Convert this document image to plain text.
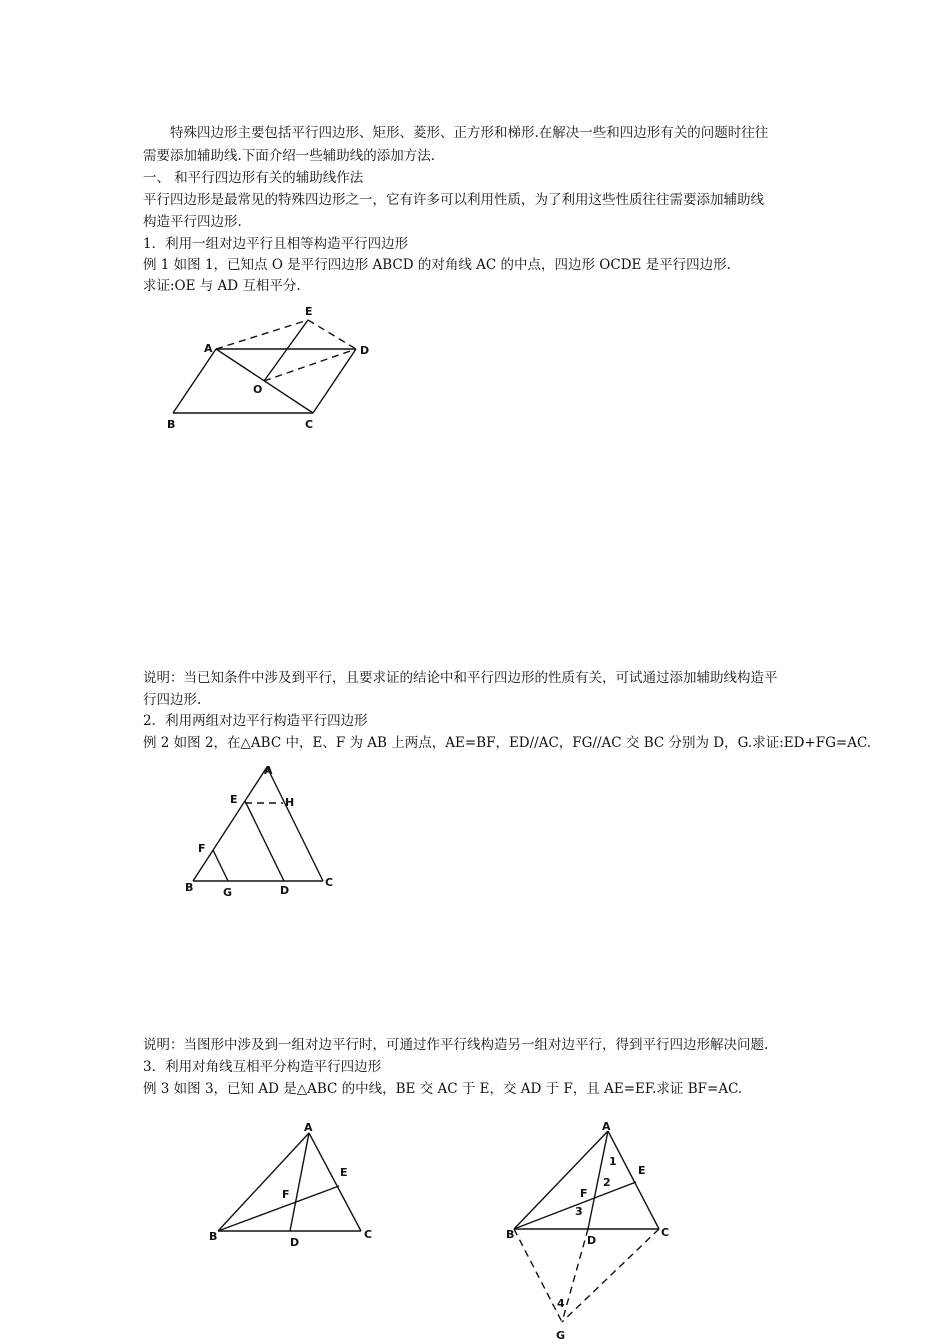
特殊四边形主要包括平行四边形、矩形、菱形、正方形和梯形.在解决一些和四边形有关的问题时往往
需要添加辅助线.下面介绍一些辅助线的添加方法.
一、 和平行四边形有关的辅助线作法
平行四边形是最常见的特殊四边形之一，它有许多可以利用性质，为了利用这些性质往往需要添加辅助线
构造平行四边形.
1．利用一组对边平行且相等构造平行四边形
例 1 如图 1，已知点 O 是平行四边形 ABCD 的对角线 AC 的中点，四边形 OCDE 是平行四边形.
求证:OE 与 AD 互相平分.
A
B	C
D
E
O
说明：当已知条件中涉及到平行，且要求证的结论中和平行四边形的性质有关，可试通过添加辅助线构造平
行四边形.
2．利用两组对边平行构造平行四边形
例 2 如图 2，在△ABC 中，E、F 为 AB 上两点，AE=BF，ED//AC，FG//AC 交 BC 分别为 D，G.求证:ED+FG=AC.
A
B	C
D
E
F
G
H
说明：当图形中涉及到一组对边平行时，可通过作平行线构造另一组对边平行，得到平行四边形解决问题.
3．利用对角线互相平分构造平行四边形
例 3 如图 3，已知 AD 是△ABC 的中线，BE 交 AC 于 E，交 AD 于 F，且 AE=EF.求证 BF=AC.
A
B	C
D
E
F
A
B	C
D
E
F
G
1
2
3
4
